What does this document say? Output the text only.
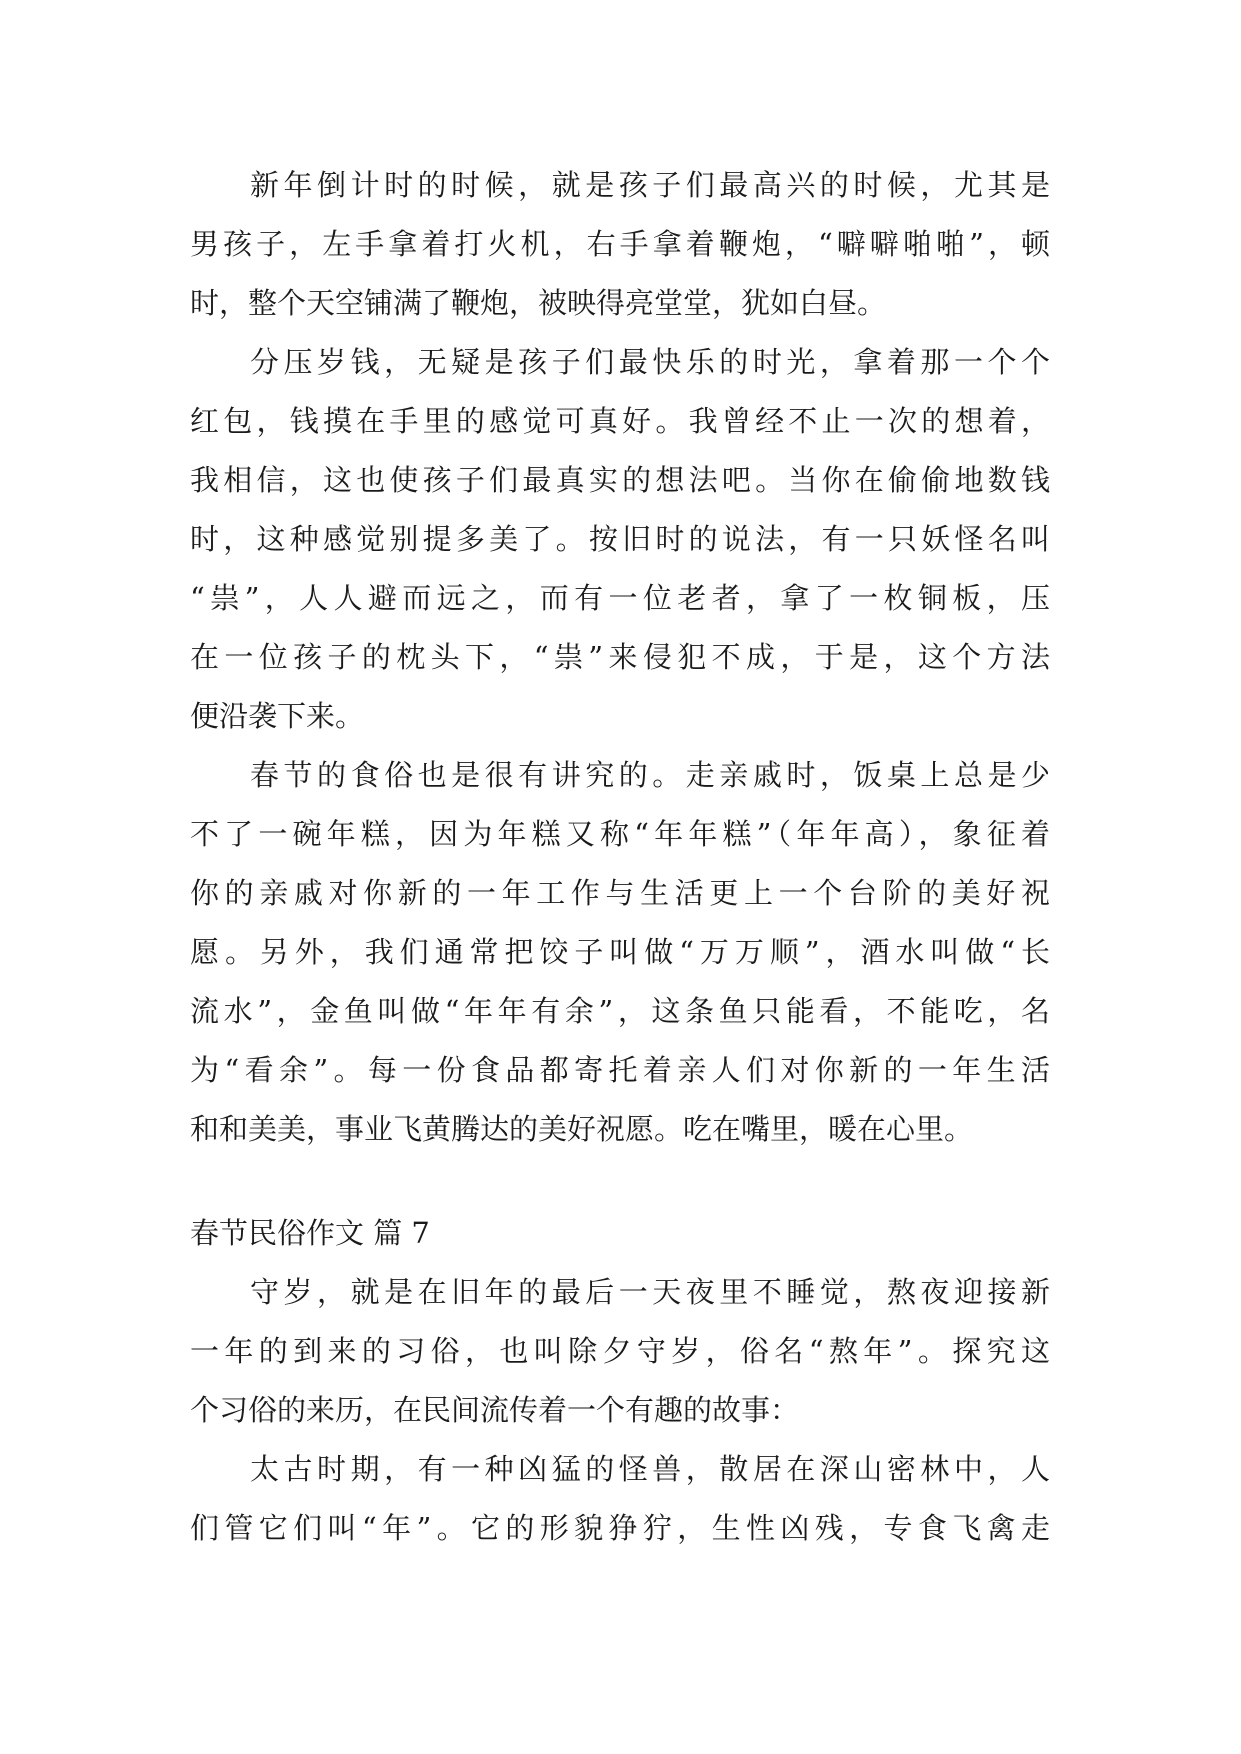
新年倒计时的时候，就是孩子们最高兴的时候，尤其是
男孩子，左手拿着打火机，右手拿着鞭炮，“噼噼啪啪”，顿
时，整个天空铺满了鞭炮，被映得亮堂堂，犹如白昼。
分压岁钱，无疑是孩子们最快乐的时光，拿着那一个个
红包，钱摸在手里的感觉可真好。我曾经不止一次的想着，
我相信，这也使孩子们最真实的想法吧。当你在偷偷地数钱
时，这种感觉别提多美了。按旧时的说法，有一只妖怪名叫
“祟”，人人避而远之，而有一位老者，拿了一枚铜板，压
在一位孩子的枕头下，“祟”来侵犯不成，于是，这个方法
便沿袭下来。
春节的食俗也是很有讲究的。走亲戚时，饭桌上总是少
不了一碗年糕，因为年糕又称“年年糕”（年年高），象征着
你的亲戚对你新的一年工作与生活更上一个台阶的美好祝
愿。另外，我们通常把饺子叫做“万万顺”，酒水叫做“长
流水”，金鱼叫做“年年有余”，这条鱼只能看，不能吃，名
为“看余”。每一份食品都寄托着亲人们对你新的一年生活
和和美美，事业飞黄腾达的美好祝愿。吃在嘴里，暖在心里。
春节民俗作文 篇 7
守岁，就是在旧年的最后一天夜里不睡觉，熬夜迎接新
一年的到来的习俗，也叫除夕守岁，俗名“熬年”。探究这
个习俗的来历，在民间流传着一个有趣的故事：
太古时期，有一种凶猛的怪兽，散居在深山密林中，人
们管它们叫“年”。它的形貌狰狞，生性凶残，专食飞禽走
